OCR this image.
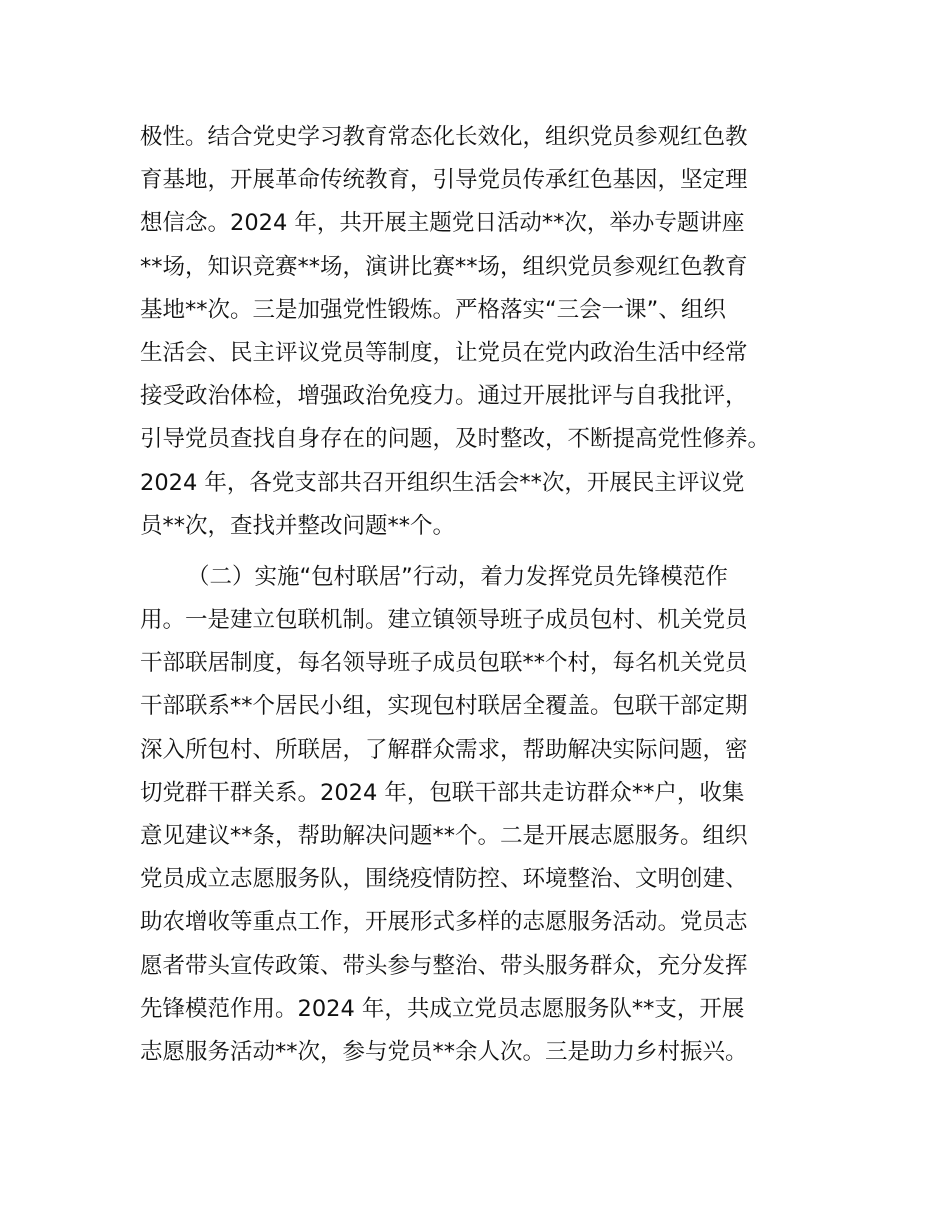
极性。结合党史学习教育常态化长效化，组织党员参观红色教
育基地，开展革命传统教育，引导党员传承红色基因，坚定理
想信念。2024 年，共开展主题党日活动**次，举办专题讲座
**场，知识竞赛**场，演讲比赛**场，组织党员参观红色教育
基地**次。三是加强党性锻炼。严格落实“三会一课”、组织
生活会、民主评议党员等制度，让党员在党内政治生活中经常
接受政治体检，增强政治免疫力。通过开展批评与自我批评，
引导党员查找自身存在的问题，及时整改，不断提高党性修养。
2024 年，各党支部共召开组织生活会**次，开展民主评议党
员**次，查找并整改问题**个。
（二）实施“包村联居”行动，着力发挥党员先锋模范作
用。一是建立包联机制。建立镇领导班子成员包村、机关党员
干部联居制度，每名领导班子成员包联**个村，每名机关党员
干部联系**个居民小组，实现包村联居全覆盖。包联干部定期
深入所包村、所联居，了解群众需求，帮助解决实际问题，密
切党群干群关系。2024 年，包联干部共走访群众**户，收集
意见建议**条，帮助解决问题**个。二是开展志愿服务。组织
党员成立志愿服务队，围绕疫情防控、环境整治、文明创建、
助农增收等重点工作，开展形式多样的志愿服务活动。党员志
愿者带头宣传政策、带头参与整治、带头服务群众，充分发挥
先锋模范作用。2024 年，共成立党员志愿服务队**支，开展
志愿服务活动**次，参与党员**余人次。三是助力乡村振兴。
